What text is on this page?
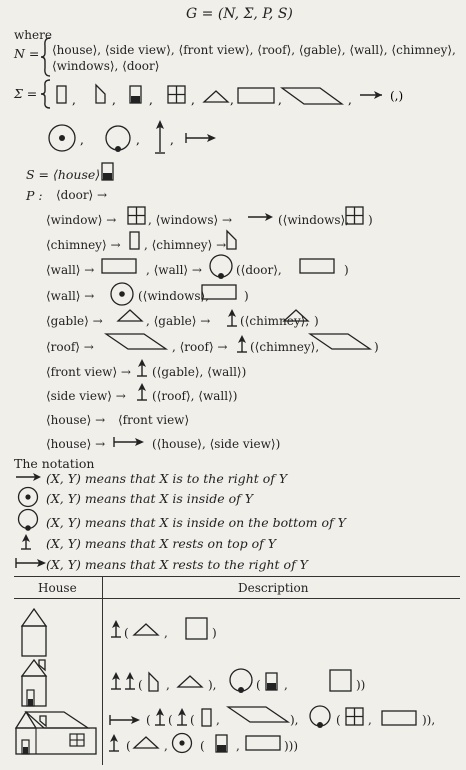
G = (N, Σ, P, S)
where
N = ⟨house⟩, ⟨side view⟩, ⟨front view⟩, ⟨roof⟩, ⟨gable⟩, ⟨wall⟩, ⟨chimney⟩,
⟨windows⟩, ⟨door⟩
Σ =	,	,	,	,	,	,	,	(,)
,	,	,
S = ⟨house⟩
P : ⟨door⟩ →
⟨window⟩ →	, ⟨windows⟩ →	(⟨windows⟩, )
⟨chimney⟩ → , ⟨chimney⟩ →
⟨wall⟩ →	, ⟨wall⟩ →	(⟨door⟩,	)
⟨wall⟩ →	(⟨windows⟩,	)
⟨gable⟩ →	, ⟨gable⟩ → (⟨chimney⟩, )
⟨roof⟩ →	, ⟨roof⟩ → (⟨chimney⟩,	)
⟨front view⟩ → (⟨gable⟩, ⟨wall⟩)
⟨side view⟩ → (⟨roof⟩, ⟨wall⟩)
⟨house⟩ → ⟨front view⟩
⟨house⟩ →	(⟨house⟩, ⟨side view⟩)
The notation
(X, Y) means that X is to the right of Y
(X, Y) means that X is inside of Y
(X, Y) means that X is inside on the bottom of Y
(X, Y) means that X rests on top of Y
(X, Y) means that X rests to the right of Y
House	Description
(	,	)
( ,	),	( ,	))
( ( ( ,	),	( ,	)),
(	,	(	,	)))
